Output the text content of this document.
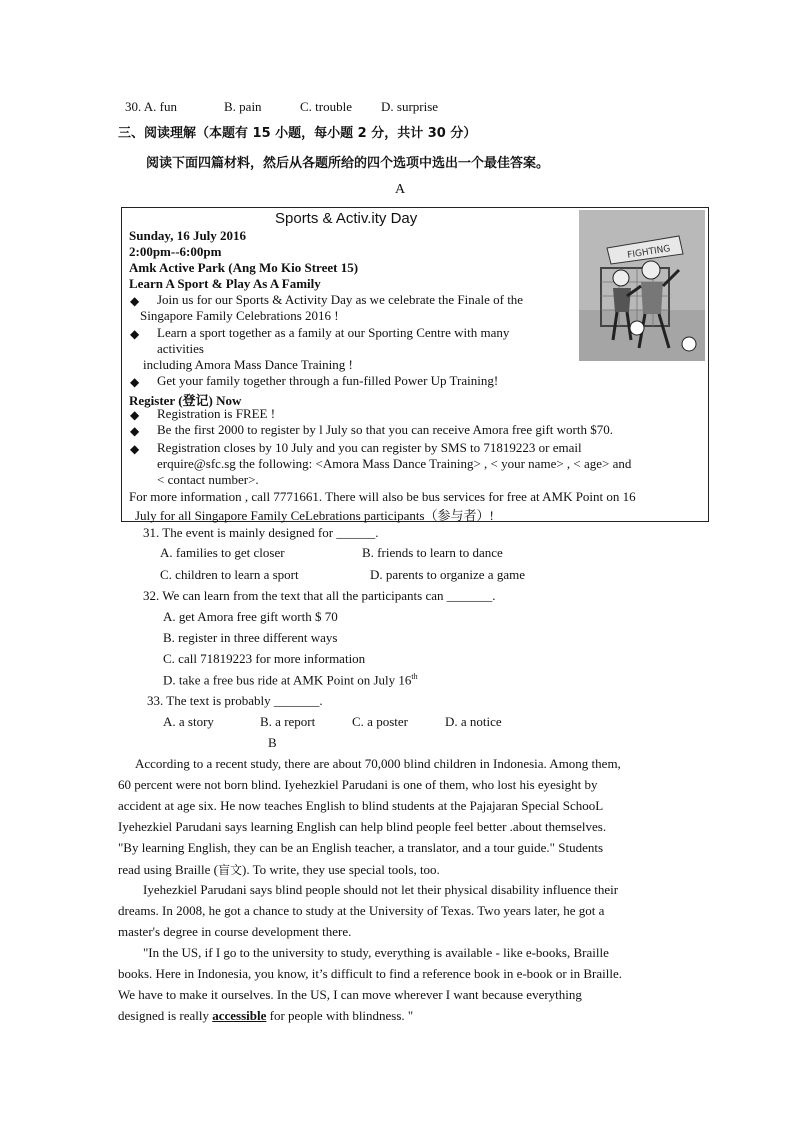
30. A. fun	B. pain	C. trouble D. surprise
三、阅读理解（本题有 15 小题，每小题 2 分，共计 30 分）
阅读下面四篇材料，然后从各题所给的四个选项中选出一个最佳答案。
A
Sports & Activ.ity Day
Sunday, 16 July 2016
2:00pm--6:00pm
Amk Active Park (Ang Mo Kio Street 15)
Learn A Sport & Play As A Family
◆ Join us for our Sports & Activity Day as we celebrate the Finale of the
Singapore Family Celebrations 2016 !
◆ Learn a sport together as a family at our Sporting Centre with many
activities
including Amora Mass Dance Training !
◆ Get your family together through a fun-filled Power Up Training!
Register (登记) Now
◆ Registration is FREE !
◆ Be the first 2000 to register by l July so that you can receive Amora free gift worth $70.
◆ Registration closes by 10 July and you can register by SMS to 71819223 or email
erquire@sfc.sg the following: <Amora Mass Dance Training> , < your name> , < age> and
< contact number>.
For more information , call 7771661. There will also be bus services for free at AMK Point on 16
July for all Singapore Family CeLebrations participants（参与者）!
FIGHTING
31. The event is mainly designed for ______.
A. families to get closer	B. friends to learn to dance
C. children to learn a sport	D. parents to organize a game
32. We can learn from the text that all the participants can _______.
A. get Amora free gift worth $ 70
B. register in three different ways
C. call 71819223 for more information
D. take a free bus ride at AMK Point on July 16th
33. The text is probably _______.
A. a story	B. a report	C. a poster	D. a notice
B
According to a recent study, there are about 70,000 blind children in Indonesia. Among them,
60 percent were not born blind. Iyehezkiel Parudani is one of them, who lost his eyesight by
accident at age six. He now teaches English to blind students at the Pajajaran Special SchooL
Iyehezkiel Parudani says learning English can help blind people feel better .about themselves.
"By learning English, they can be an English teacher, a translator, and a tour guide." Students
read using Braille (盲文). To write, they use special tools, too.
Iyehezkiel Parudani says blind people should not let their physical disability influence their
dreams. In 2008, he got a chance to study at the University of Texas. Two years later, he got a
master's degree in course development there.
"In the US, if I go to the university to study, everything is available - like e-books, Braille
books. Here in Indonesia, you know, it’s difficult to find a reference book in e-book or in Braille.
We have to make it ourselves. In the US, I can move wherever I want because everything
designed is really accessible for people with blindness. "
